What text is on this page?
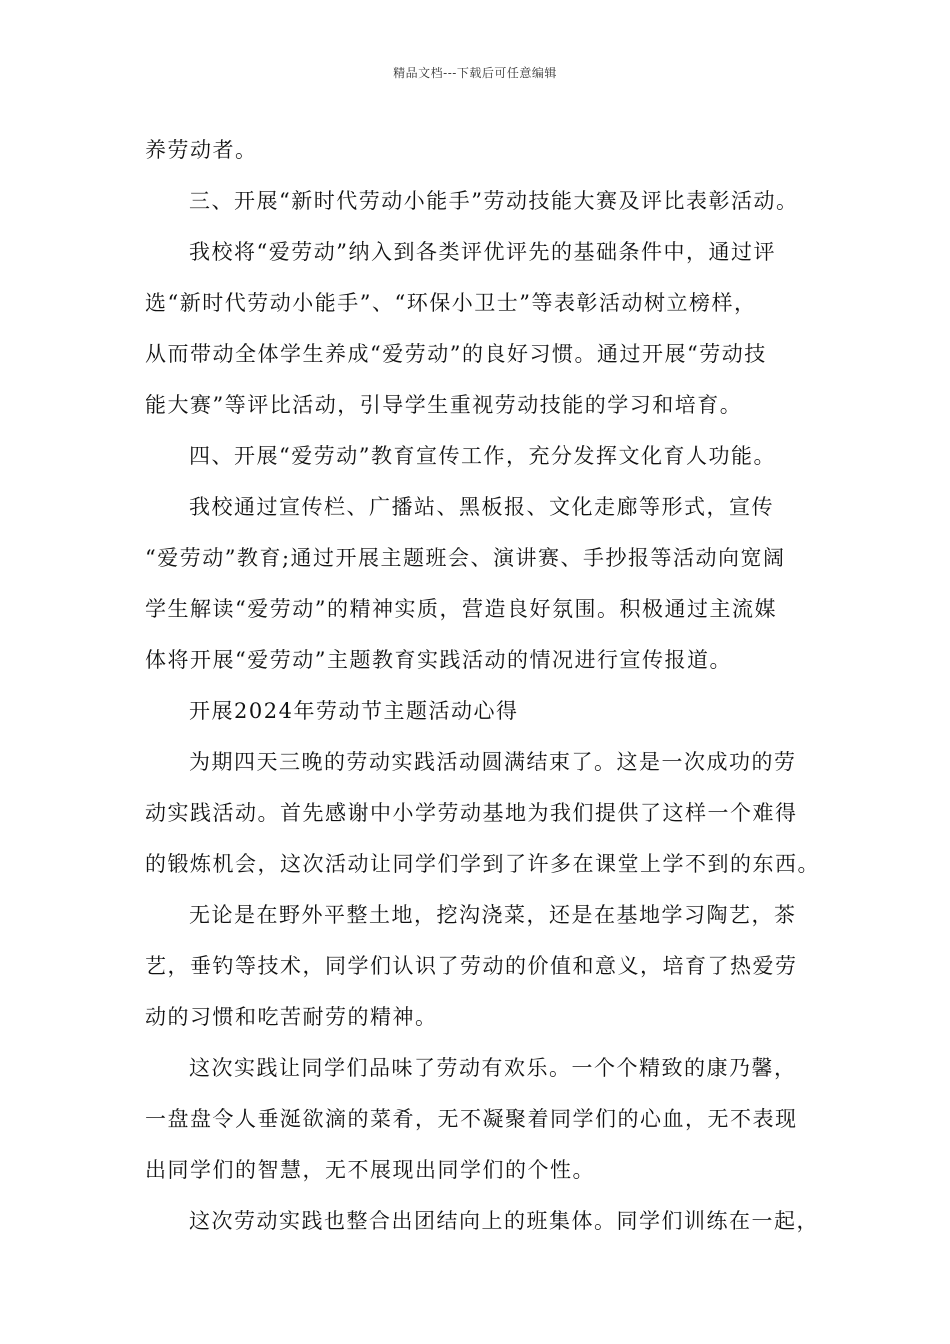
精品文档---下载后可任意编辑

养劳动者。

三、开展“新时代劳动小能手”劳动技能大赛及评比表彰活动。

我校将“爱劳动”纳入到各类评优评先的基础条件中，通过评

选“新时代劳动小能手”、“环保小卫士”等表彰活动树立榜样，

从而带动全体学生养成“爱劳动”的良好习惯。通过开展“劳动技

能大赛”等评比活动，引导学生重视劳动技能的学习和培育。

四、开展“爱劳动”教育宣传工作，充分发挥文化育人功能。

我校通过宣传栏、广播站、黑板报、文化走廊等形式，宣传

“爱劳动”教育;通过开展主题班会、演讲赛、手抄报等活动向宽阔

学生解读“爱劳动”的精神实质，营造良好氛围。积极通过主流媒

体将开展“爱劳动”主题教育实践活动的情况进行宣传报道。

开展2024年劳动节主题活动心得

为期四天三晚的劳动实践活动圆满结束了。这是一次成功的劳

动实践活动。首先感谢中小学劳动基地为我们提供了这样一个难得

的锻炼机会，这次活动让同学们学到了许多在课堂上学不到的东西。

无论是在野外平整土地，挖沟浇菜，还是在基地学习陶艺，茶

艺，垂钓等技术，同学们认识了劳动的价值和意义，培育了热爱劳

动的习惯和吃苦耐劳的精神。

这次实践让同学们品味了劳动有欢乐。一个个精致的康乃馨，

一盘盘令人垂涎欲滴的菜肴，无不凝聚着同学们的心血，无不表现

出同学们的智慧，无不展现出同学们的个性。

这次劳动实践也整合出团结向上的班集体。同学们训练在一起，
